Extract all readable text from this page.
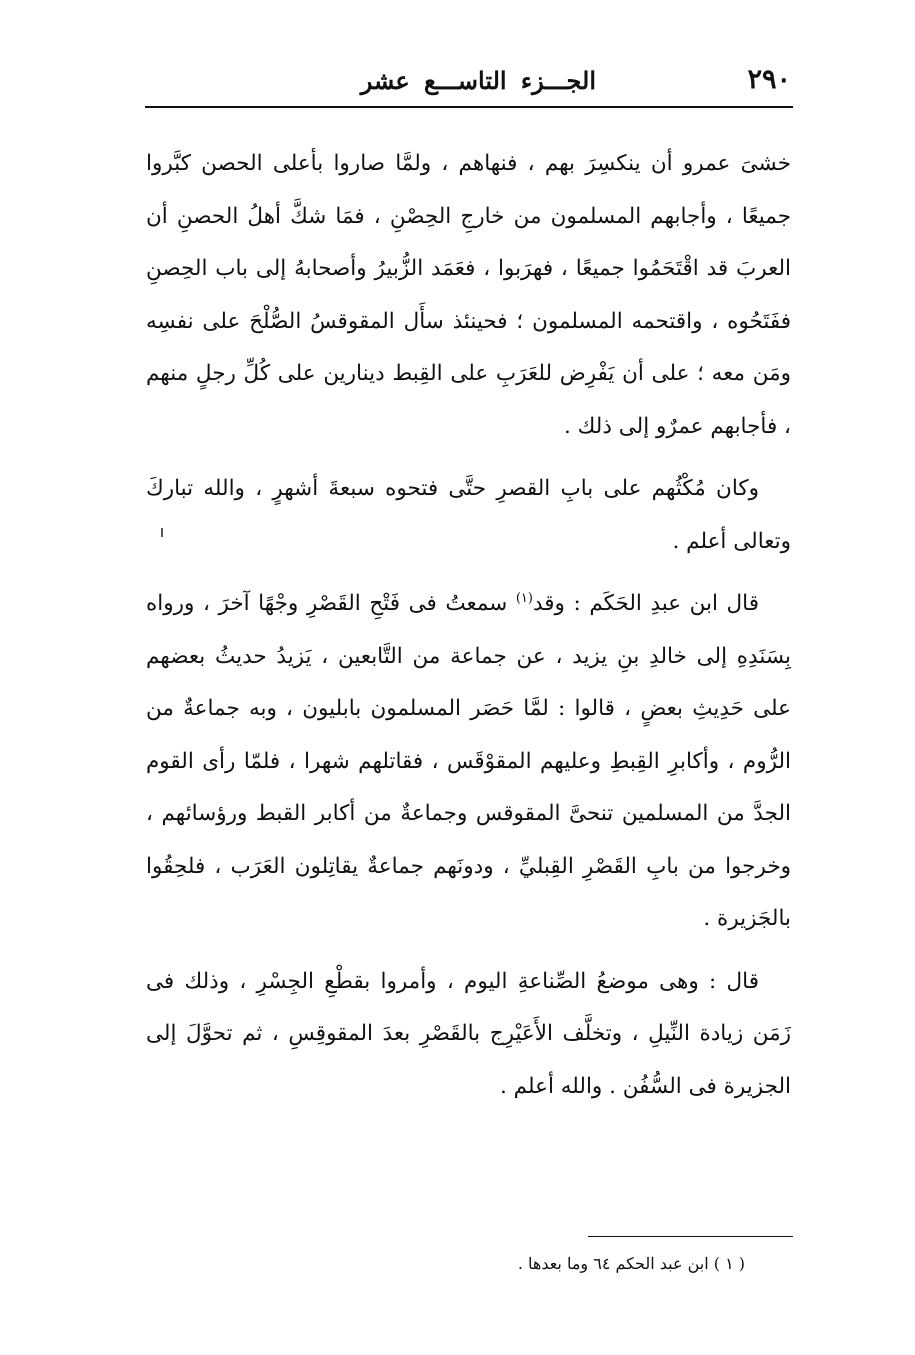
٢٩٠
الجـــزء التاســـع عشر

خشىَ عمرو أن ينكسِرَ بهم ، فنهاهم ، ولمَّا صاروا بأعلى الحصن كبَّروا جميعًا ، وأجابهم المسلمون من خارجِ الحِصْنِ ، فمَا شكَّ أهلُ الحصنِ أن العربَ قد اقْتَحَمُوا جميعًا ، فهرَبوا ، فعَمَد الزُّبيرُ وأصحابهُ إلى باب الحِصنِ ففَتَحُوه ، واقتحمه المسلمون ؛ فحينئذ سأَل المقوقسُ الصُّلْحَ على نفسِه ومَن معه ؛ على أن يَفْرِض للعَرَبِ على القِبط دينارين على كُلِّ رجلٍ منهم ، فأجابهم عمرٌو إلى ذلك .

وكان مُكْثُهم على بابِ القصرِ حتَّى فتحوه سبعةَ أشهرٍ ، والله تباركَ وتعالى أعلم .

قال ابن عبدِ الحَكَم : وقد$^{(١)}$ سمعتُ فى فَتْحِ القَصْرِ وجْهًا آخرَ ، ورواه بِسَنَدِهِ إلى خالدِ بنِ يزيد ، عن جماعة من التَّابعين ، يَزيدُ حديثُ بعضهم على حَدِيثِ بعضٍ ، قالوا : لمَّا حَصَر المسلمون بابليون ، وبه جماعةٌ من الرُّوم ، وأكابرِ القِبطِ وعليهم المقوْقَس ، فقاتلهم شهرا ، فلمّا رأى القوم الجدَّ من المسلمين تنحىَّ المقوقس وجماعةٌ من أكابر القبط ورؤسائهم ، وخرجوا من بابِ القَصْرِ القِبليِّ ، ودونَهم جماعةٌ يقاتِلون العَرَب ، فلحِقُوا بالجَزيرة .

قال : وهى موضعُ الصِّناعةِ اليوم ، وأمروا بقطْعِ الجِسْرِ ، وذلك فى زَمَن زيادة النِّيلِ ، وتخلَّف الأَعَيْرِج بالقَصْرِ بعدَ المقوقِسِ ، ثم تحوَّلَ إلى الجزيرة فى السُّفُن . والله أعلم .

( ١ ) ابن عبد الحكم ٦٤ وما بعدها .
